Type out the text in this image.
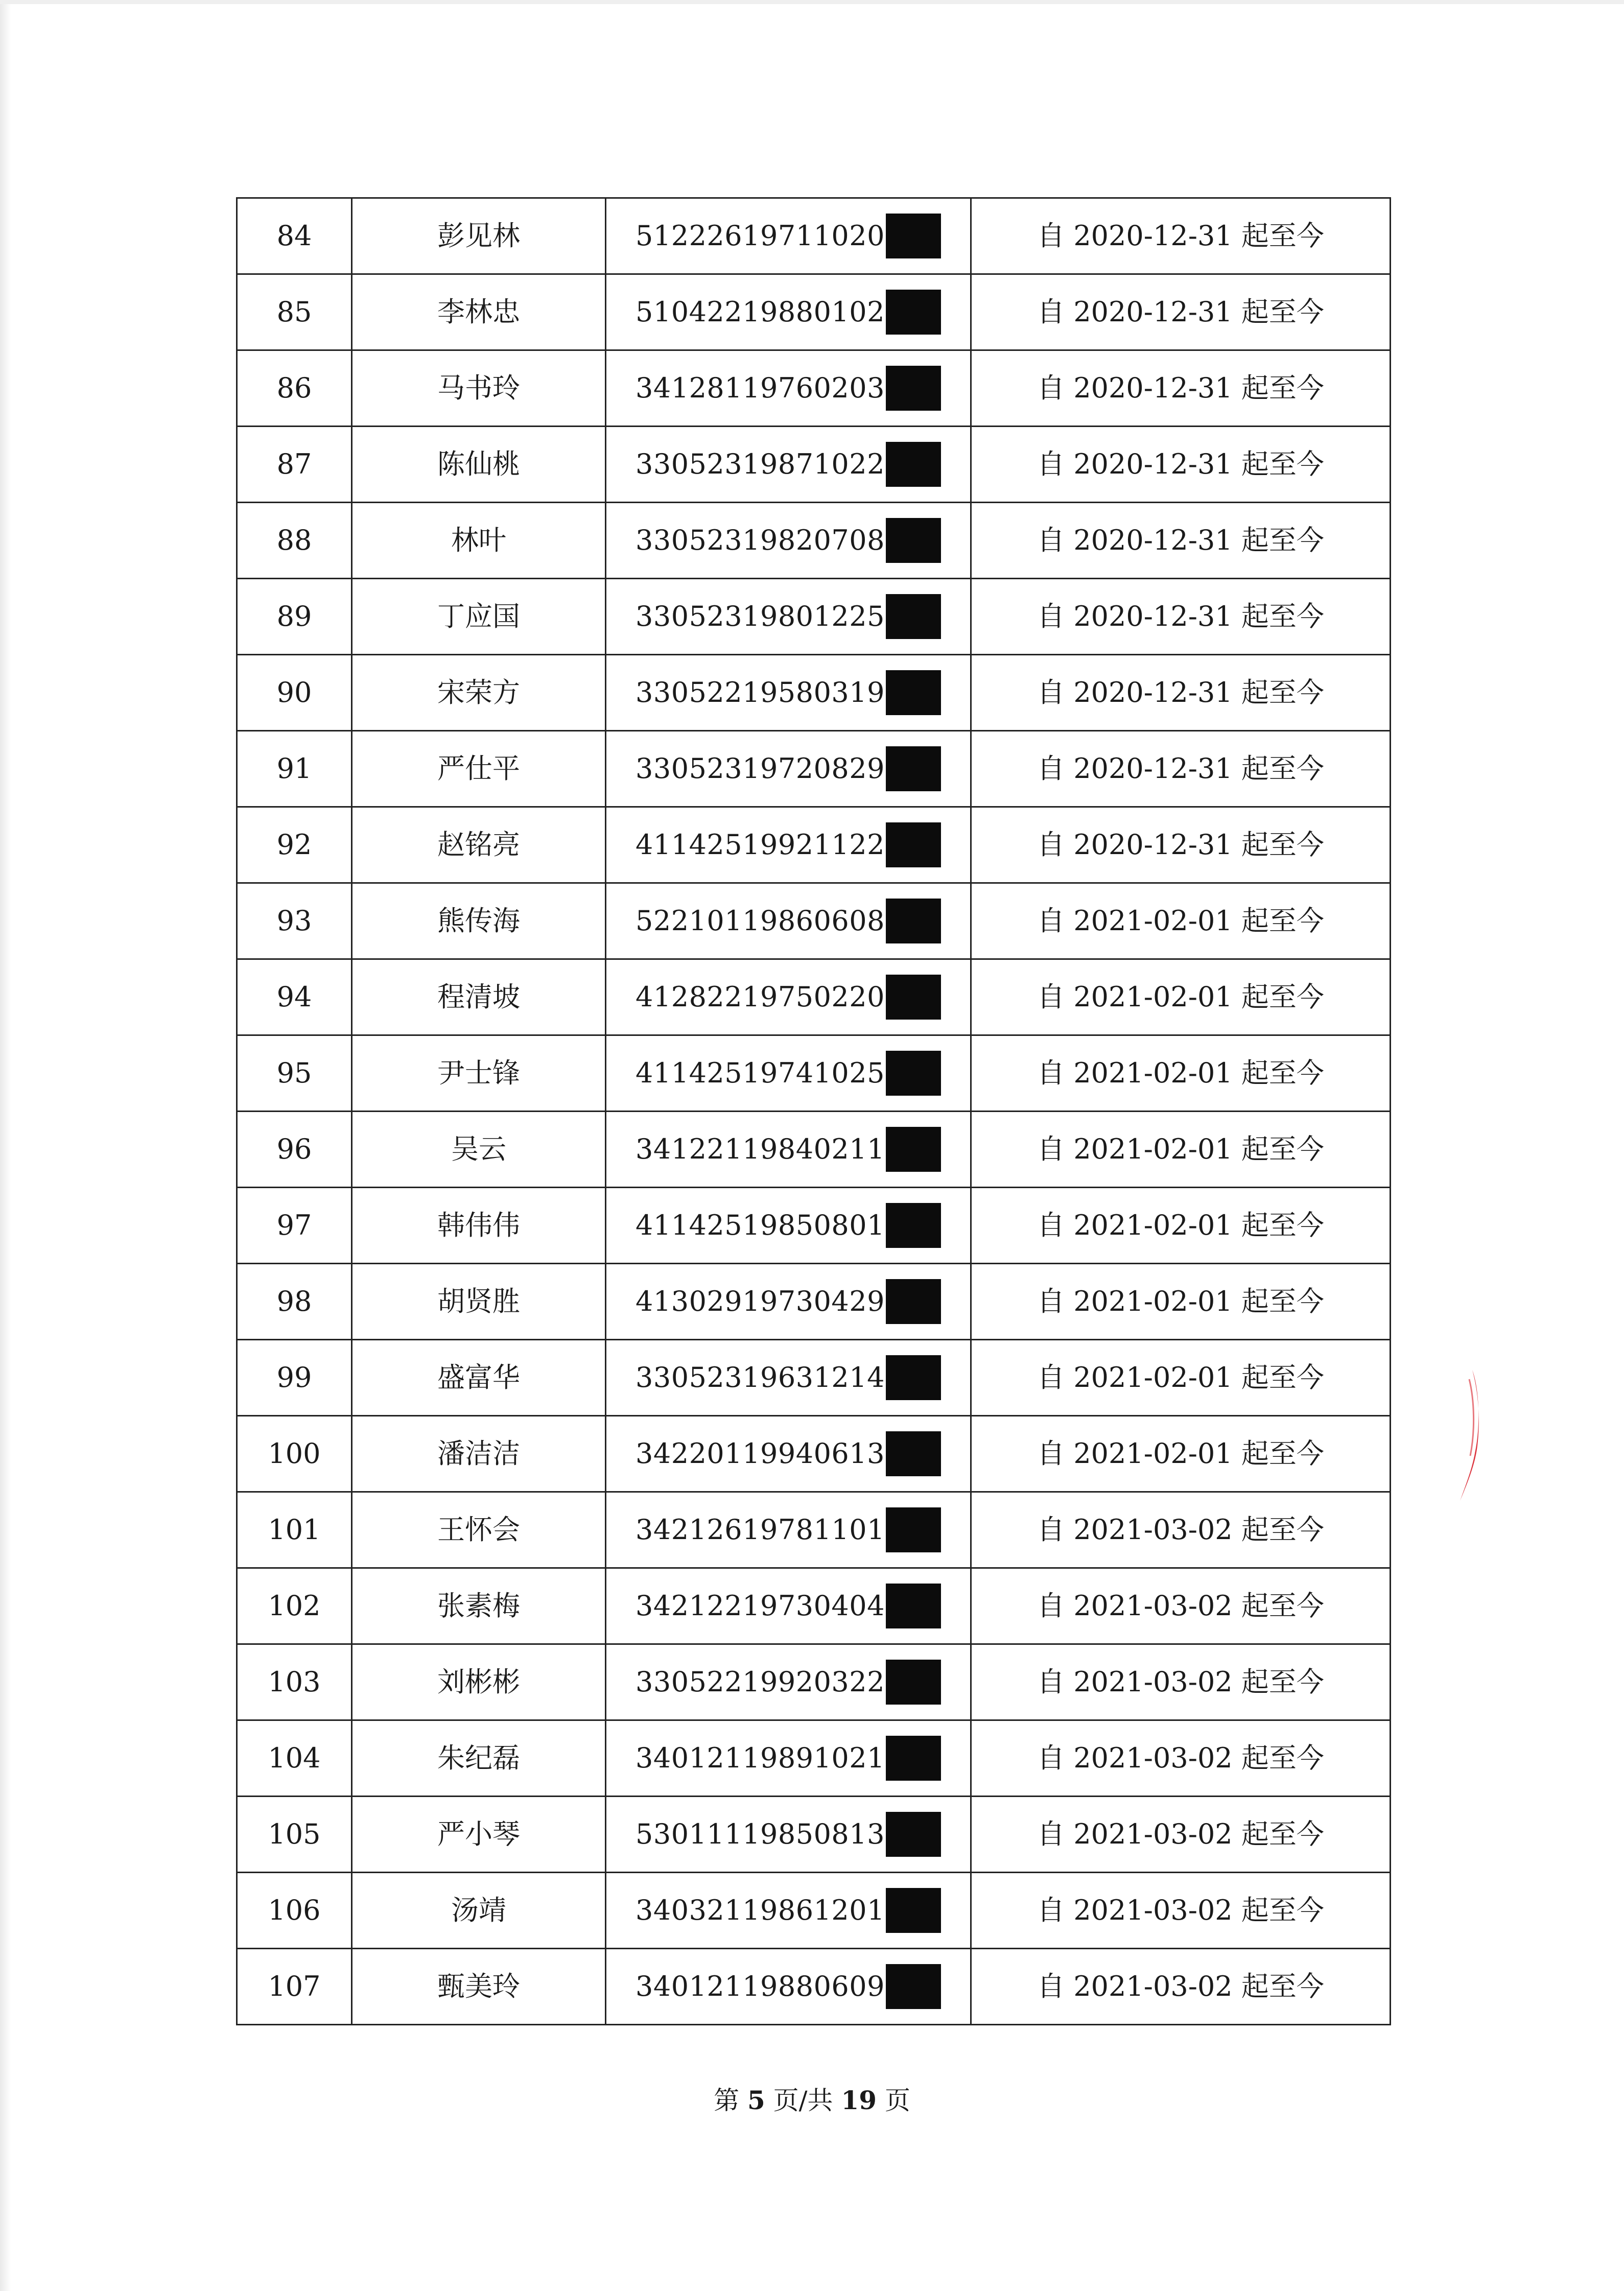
84	彭见林	51222619711020	自 2020-12-31 起至今
85	李林忠	51042219880102	自 2020-12-31 起至今
86	马书玲	34128119760203	自 2020-12-31 起至今
87	陈仙桃	33052319871022	自 2020-12-31 起至今
88	林叶	33052319820708	自 2020-12-31 起至今
89	丁应国	33052319801225	自 2020-12-31 起至今
90	宋荣方	33052219580319	自 2020-12-31 起至今
91	严仕平	33052319720829	自 2020-12-31 起至今
92	赵铭亮	41142519921122	自 2020-12-31 起至今
93	熊传海	52210119860608	自 2021-02-01 起至今
94	程清坡	41282219750220	自 2021-02-01 起至今
95	尹士锋	41142519741025	自 2021-02-01 起至今
96	吴云	34122119840211	自 2021-02-01 起至今
97	韩伟伟	41142519850801	自 2021-02-01 起至今
98	胡贤胜	41302919730429	自 2021-02-01 起至今
99	盛富华	33052319631214	自 2021-02-01 起至今
100	潘洁洁	34220119940613	自 2021-02-01 起至今
101	王怀会	34212619781101	自 2021-03-02 起至今
102	张素梅	34212219730404	自 2021-03-02 起至今
103	刘彬彬	33052219920322	自 2021-03-02 起至今
104	朱纪磊	34012119891021	自 2021-03-02 起至今
105	严小琴	53011119850813	自 2021-03-02 起至今
106	汤靖	34032119861201	自 2021-03-02 起至今
107	甄美玲	34012119880609	自 2021-03-02 起至今
第 5 页/共 19 页
